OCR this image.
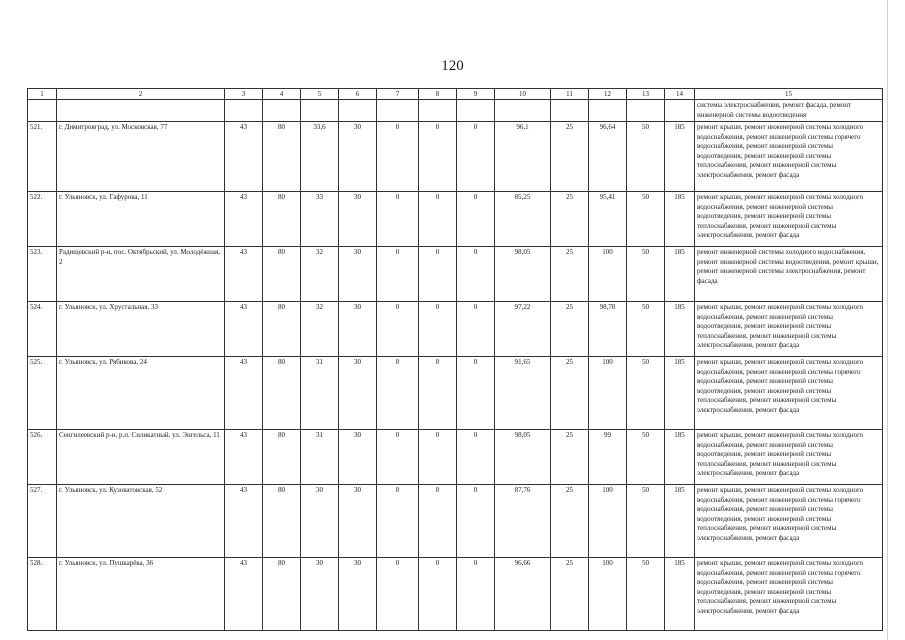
120
1	2	3	4	5	6	7	8	9	10	11	12	13	14	15
														системы электроснабжения, ремонт фасада, ремонт инженерной системы водоотведения
521.	г. Димитровград, ул. Московская, 77	43	80	33,6	30	0	0	0	96,1	25	96,64	50	185	ремонт крыши, ремонт инженерной системы холодного водоснабжения, ремонт инженерной системы горячего водоснабжения, ремонт инженерной системы водоотведения, ремонт инженерной системы теплоснабжения, ремонт инженерной системы электроснабжения, ремонт фасада
522.	г. Ульяновск, ул. Гафурова, 11	43	80	33	30	0	0	0	85,25	25	95,41	50	185	ремонт крыши, ремонт инженерной системы холодного водоснабжения, ремонт инженерной системы водоотведения, ремонт инженерной системы теплоснабжения, ремонт инженерной системы электроснабжения, ремонт фасада
523.	Радищевский р-н, пос. Октябрьский, ул. Молодёжная, 2	43	80	32	30	0	0	0	98,05	25	100	50	185	ремонт инженерной системы холодного водоснабжения, ремонт инженерной системы водоотведения, ремонт крыши, ремонт инженерной системы электроснабжения, ремонт фасада
524.	г. Ульяновск, ул. Хрустальная, 33	43	80	32	30	0	0	0	97,22	25	98,78	50	185	ремонт крыши, ремонт инженерной системы холодного водоснабжения, ремонт инженерной системы водоотведения, ремонт инженерной системы теплоснабжения, ремонт инженерной системы электроснабжения, ремонт фасада
525.	г. Ульяновск, ул. Рябикова, 24	43	80	31	30	0	0	0	91,65	25	100	50	185	ремонт крыши, ремонт инженерной системы холодного водоснабжения, ремонт инженерной системы горячего водоснабжения, ремонт инженерной системы водоотведения, ремонт инженерной системы теплоснабжения, ремонт инженерной системы электроснабжения, ремонт фасада
526.	Сенгилеевский р-н, р.п. Силикатный, ул. Энгельса, 11	43	80	31	30	0	0	0	98,05	25	99	50	185	ремонт крыши, ремонт инженерной системы холодного водоснабжения, ремонт инженерной системы водоотведения, ремонт инженерной системы теплоснабжения, ремонт инженерной системы электроснабжения, ремонт фасада
527.	г. Ульяновск, ул. Кузоватовская, 52	43	80	30	30	0	0	0	87,76	25	100	50	185	ремонт крыши, ремонт инженерной системы холодного водоснабжения, ремонт инженерной системы горячего водоснабжения, ремонт инженерной системы водоотведения, ремонт инженерной системы теплоснабжения, ремонт инженерной системы электроснабжения, ремонт фасада
528.	г. Ульяновск, ул. Пушкарёва, 36	43	80	30	30	0	0	0	96,66	25	100	50	185	ремонт крыши, ремонт инженерной системы холодного водоснабжения, ремонт инженерной системы горячего водоснабжения, ремонт инженерной системы водоотведения, ремонт инженерной системы теплоснабжения, ремонт инженерной системы электроснабжения, ремонт фасада
